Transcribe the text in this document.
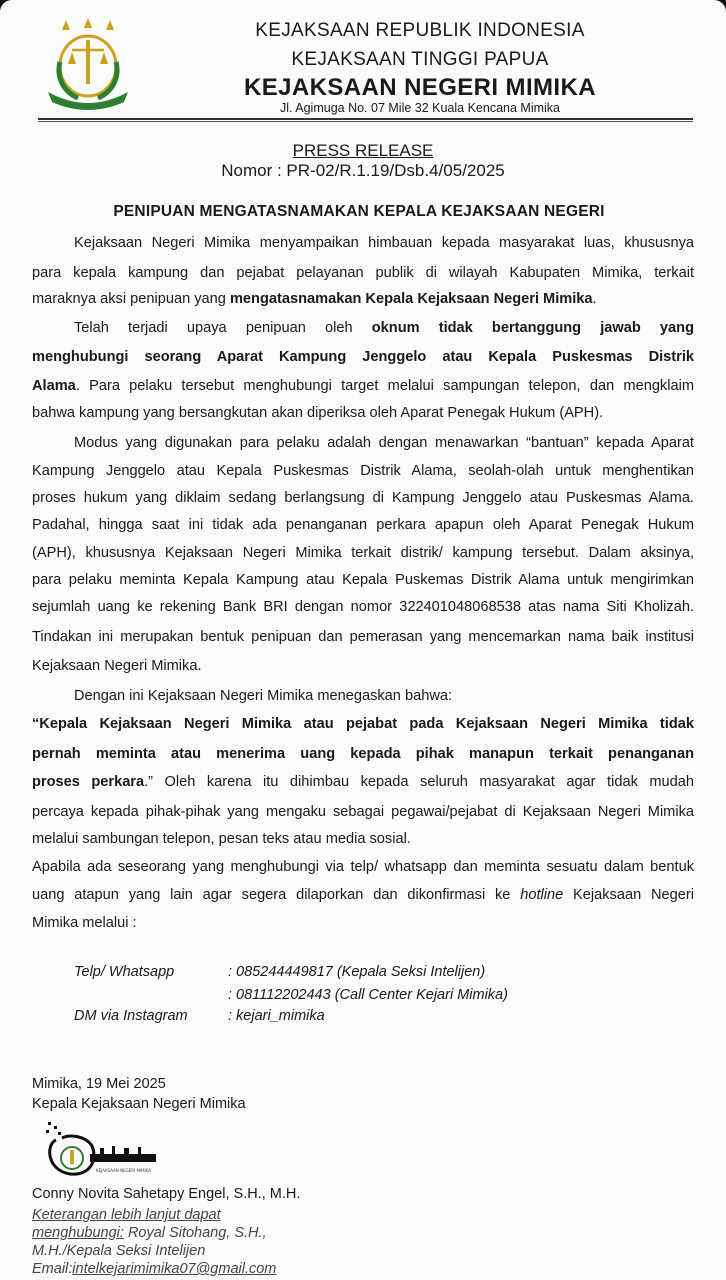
KEJAKSAAN REPUBLIK INDONESIA
KEJAKSAAN TINGGI PAPUA
KEJAKSAAN NEGERI MIMIKA
Jl. Agimuga No. 07 Mile 32 Kuala Kencana Mimika
PRESS RELEASE
Nomor : PR-02/R.1.19/Dsb.4/05/2025
PENIPUAN MENGATASNAMAKAN KEPALA KEJAKSAAN NEGERI
Kejaksaan Negeri Mimika menyampaikan himbauan kepada masyarakat luas, khususnya
para kepala kampung dan pejabat pelayanan publik di wilayah Kabupaten Mimika, terkait
maraknya aksi penipuan yang mengatasnamakan Kepala Kejaksaan Negeri Mimika.
Telah terjadi upaya penipuan oleh oknum tidak bertanggung jawab yang
menghubungi seorang Aparat Kampung Jenggelo atau Kepala Puskesmas Distrik
Alama. Para pelaku tersebut menghubungi target melalui sampungan telepon, dan mengklaim
bahwa kampung yang bersangkutan akan diperiksa oleh Aparat Penegak Hukum (APH).
Modus yang digunakan para pelaku adalah dengan menawarkan “bantuan” kepada Aparat
Kampung Jenggelo atau Kepala Puskesmas Distrik Alama, seolah-olah untuk menghentikan
proses hukum yang diklaim sedang berlangsung di Kampung Jenggelo atau Puskesmas Alama.
Padahal, hingga saat ini tidak ada penanganan perkara apapun oleh Aparat Penegak Hukum
(APH), khususnya Kejaksaan Negeri Mimika terkait distrik/ kampung tersebut. Dalam aksinya,
para pelaku meminta Kepala Kampung atau Kepala Puskemas Distrik Alama untuk mengirimkan
sejumlah uang ke rekening Bank BRI dengan nomor 322401048068538 atas nama Siti Kholizah.
Tindakan ini merupakan bentuk penipuan dan pemerasan yang mencemarkan nama baik institusi
Kejaksaan Negeri Mimika.
Dengan ini Kejaksaan Negeri Mimika menegaskan bahwa:
“Kepala Kejaksaan Negeri Mimika atau pejabat pada Kejaksaan Negeri Mimika tidak
pernah meminta atau menerima uang kepada pihak manapun terkait penanganan
proses perkara.” Oleh karena itu dihimbau kepada seluruh masyarakat agar tidak mudah
percaya kepada pihak-pihak yang mengaku sebagai pegawai/pejabat di Kejaksaan Negeri Mimika
melalui sambungan telepon, pesan teks atau media sosial.
Apabila ada seseorang yang menghubungi via telp/ whatsapp dan meminta sesuatu dalam bentuk
uang atapun yang lain agar segera dilaporkan dan dikonfirmasi ke hotline Kejaksaan Negeri
Mimika melalui :
Telp/ Whatsapp	: 085244449817 (Kepala Seksi Intelijen)
: 081112202443 (Call Center Kejari Mimika)
DM via Instagram	: kejari_mimika
Mimika, 19 Mei 2025
Kepala Kejaksaan Negeri Mimika
KEJAKSAAN NEGERI MIMIKA
Conny Novita Sahetapy Engel, S.H., M.H.
Keterangan lebih lanjut dapat
menghubungi: Royal Sitohang, S.H.,
M.H./Kepala Seksi Intelijen
Email:intelkejarimimika07@gmail.com
